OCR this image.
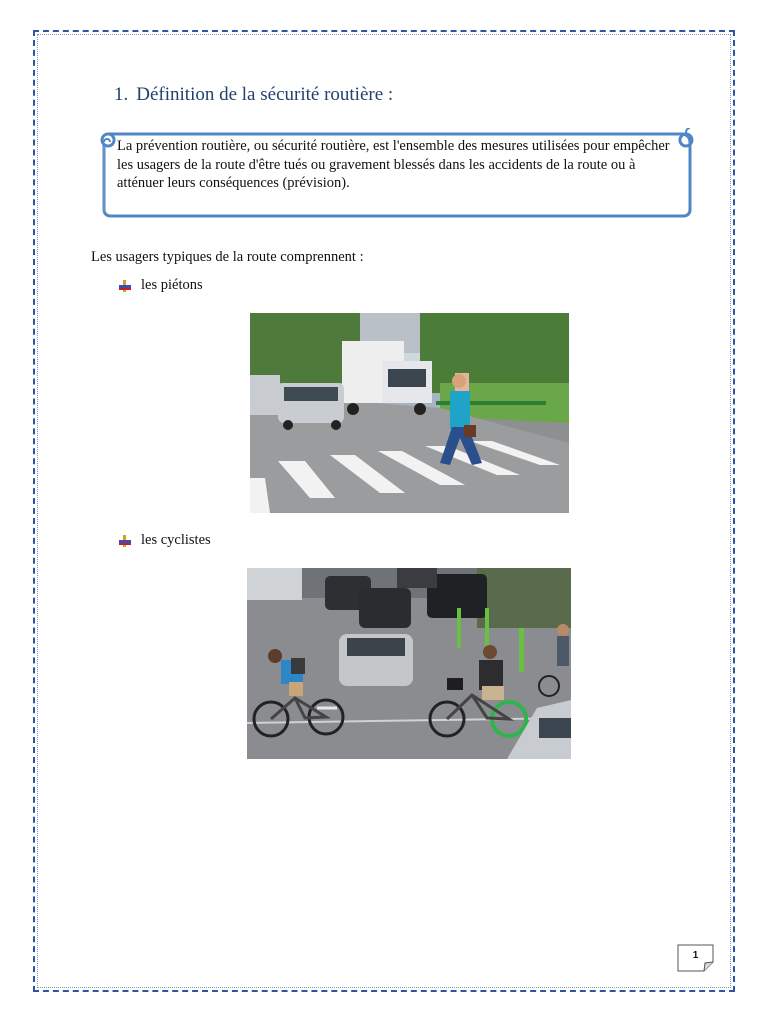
1. Définition de la sécurité routière :
La prévention routière, ou sécurité routière, est l'ensemble des mesures utilisées pour empêcher les usagers de la route d'être tués ou gravement blessés dans les accidents de la route ou à atténuer leurs conséquences (prévision).
Les usagers typiques de la route comprennent :
les piétons
les cyclistes
1
